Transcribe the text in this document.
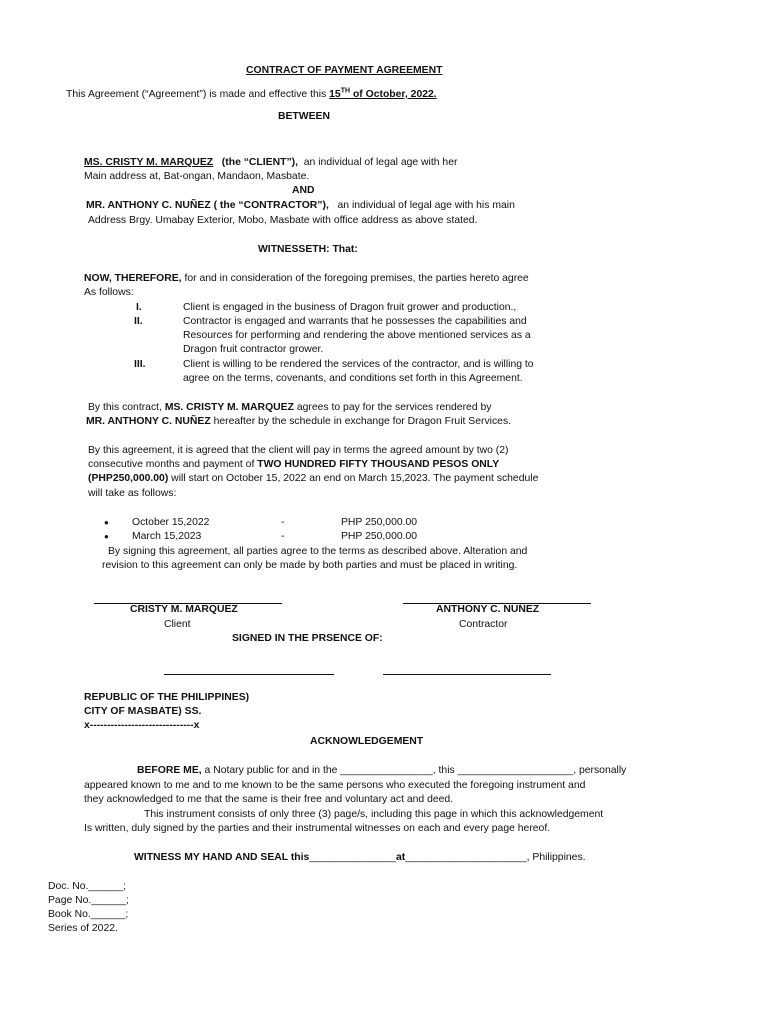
CONTRACT OF PAYMENT AGREEMENT
This Agreement (“Agreement”) is made and effective this 15TH of October, 2022.
BETWEEN
MS. CRISTY M. MARQUEZ (the “CLIENT”), an individual of legal age with her
Main address at, Bat-ongan, Mandaon, Masbate.
AND
MR. ANTHONY C. NUÑEZ ( the “CONTRACTOR”), an individual of legal age with his main
Address Brgy. Umabay Exterior, Mobo, Masbate with office address as above stated.
WITNESSETH: That:
NOW, THEREFORE, for and in consideration of the foregoing premises, the parties hereto agree
As follows:
I.	Client is engaged in the business of Dragon fruit grower and production.,
II.	Contractor is engaged and warrants that he possesses the capabilities and
Resources for performing and rendering the above mentioned services as a
Dragon fruit contractor grower.
III.	Client is willing to be rendered the services of the contractor, and is willing to
agree on the terms, covenants, and conditions set forth in this Agreement.
By this contract, MS. CRISTY M. MARQUEZ agrees to pay for the services rendered by
MR. ANTHONY C. NUÑEZ hereafter by the schedule in exchange for Dragon Fruit Services.
By this agreement, it is agreed that the client will pay in terms the agreed amount by two (2)
consecutive months and payment of TWO HUNDRED FIFTY THOUSAND PESOS ONLY
(PHP250,000.00) will start on October 15, 2022 an end on March 15,2023. The payment schedule
will take as follows:
● October 15,2022	-	PHP 250,000.00
● March 15,2023	-	PHP 250,000.00
By signing this agreement, all parties agree to the terms as described above. Alteration and
revision to this agreement can only be made by both parties and must be placed in writing.
CRISTY M. MARQUEZ
Client
ANTHONY C. NUÑEZ
Contractor
SIGNED IN THE PRSENCE OF:
REPUBLIC OF THE PHILIPPINES)
CITY OF MASBATE) SS.
x------------------------------x
ACKNOWLEDGEMENT
BEFORE ME, a Notary public for and in the ________________, this ____________________, personally
appeared known to me and to me known to be the same persons who executed the foregoing instrument and
they acknowledged to me that the same is their free and voluntary act and deed.
This instrument consists of only three (3) page/s, including this page in which this acknowledgement
Is written, duly signed by the parties and their instrumental witnesses on each and every page hereof.
WITNESS MY HAND AND SEAL this_______________at_____________________, Philippines.
Doc. No.______;
Page No.______;
Book No.______;
Series of 2022.
